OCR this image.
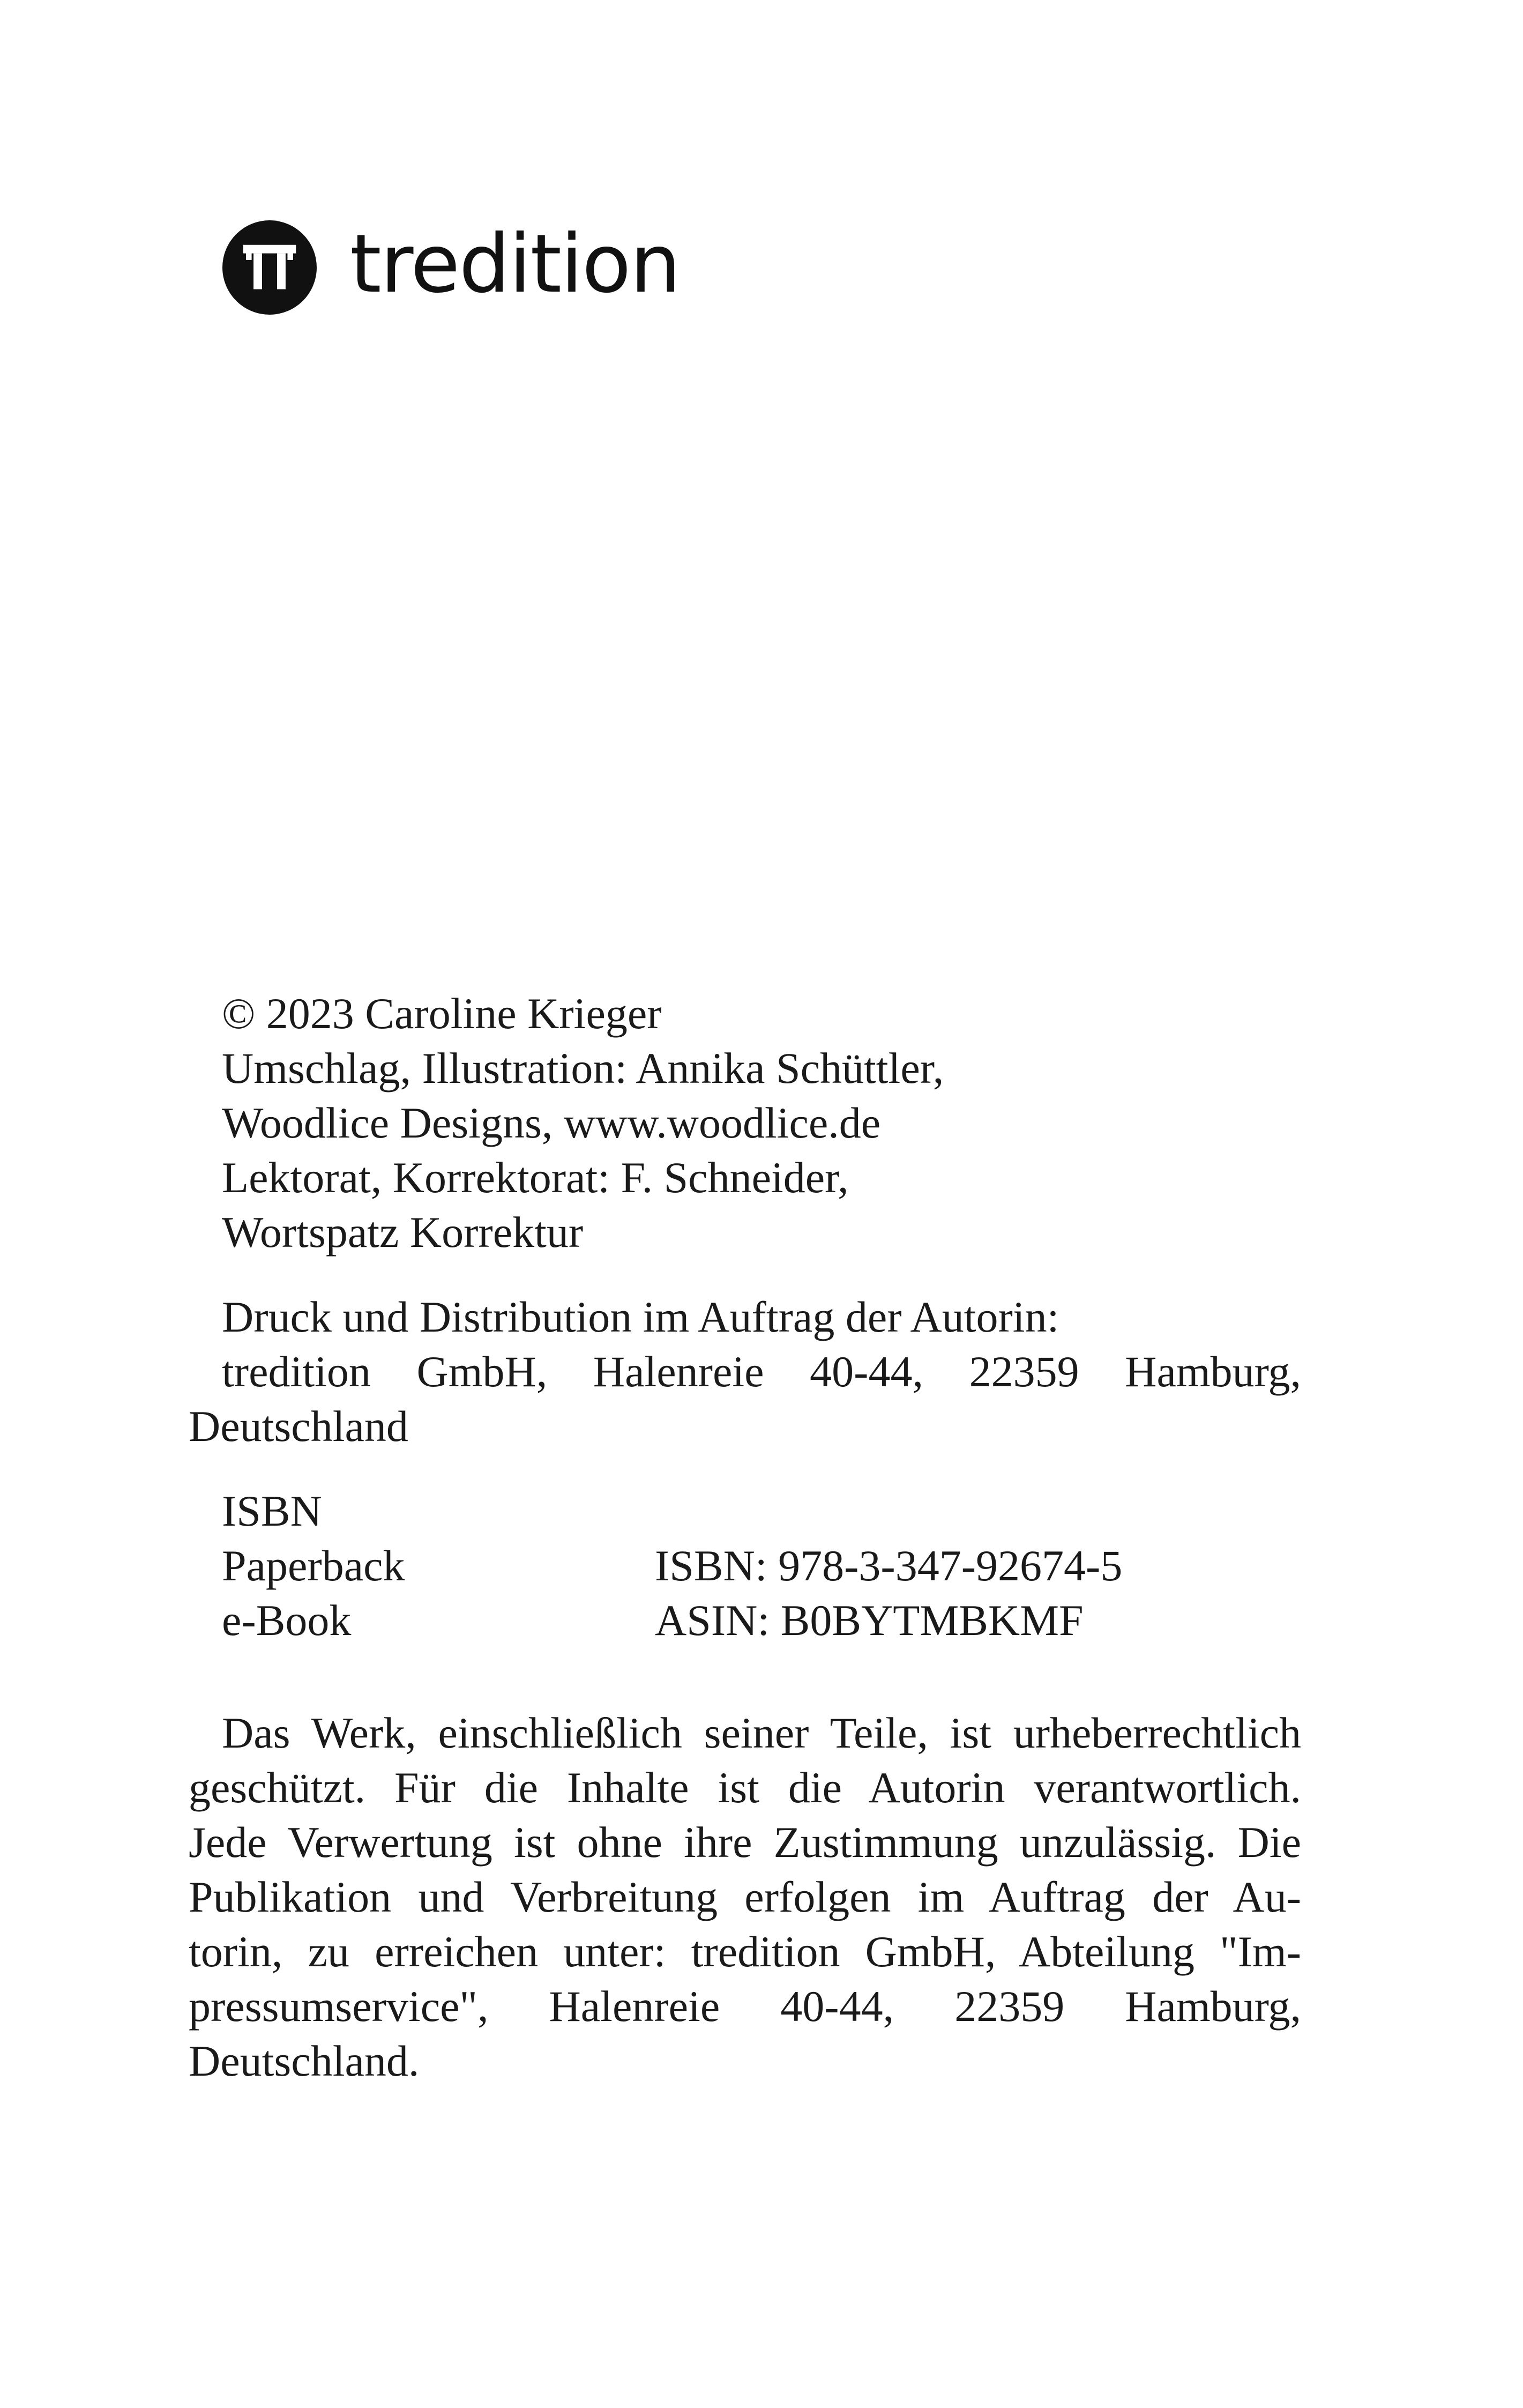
tredition
© 2023 Caroline Krieger
Umschlag, Illustration: Annika Schüttler,
Woodlice Designs, www.woodlice.de
Lektorat, Korrektorat: F. Schneider,
Wortspatz Korrektur
Druck und Distribution im Auftrag der Autorin:
tredition GmbH, Halenreie 40-44, 22359 Hamburg,
Deutschland
ISBN
Paperback	ISBN: 978-3-347-92674-5
e-Book	ASIN: B0BYTMBKMF
Das Werk, einschließlich seiner Teile, ist urheberrechtlich
geschützt. Für die Inhalte ist die Autorin verantwortlich.
Jede Verwertung ist ohne ihre Zustimmung unzulässig. Die
Publikation und Verbreitung erfolgen im Auftrag der Au-
torin, zu erreichen unter: tredition GmbH, Abteilung "Im-
pressumservice", Halenreie 40-44, 22359 Hamburg,
Deutschland.
